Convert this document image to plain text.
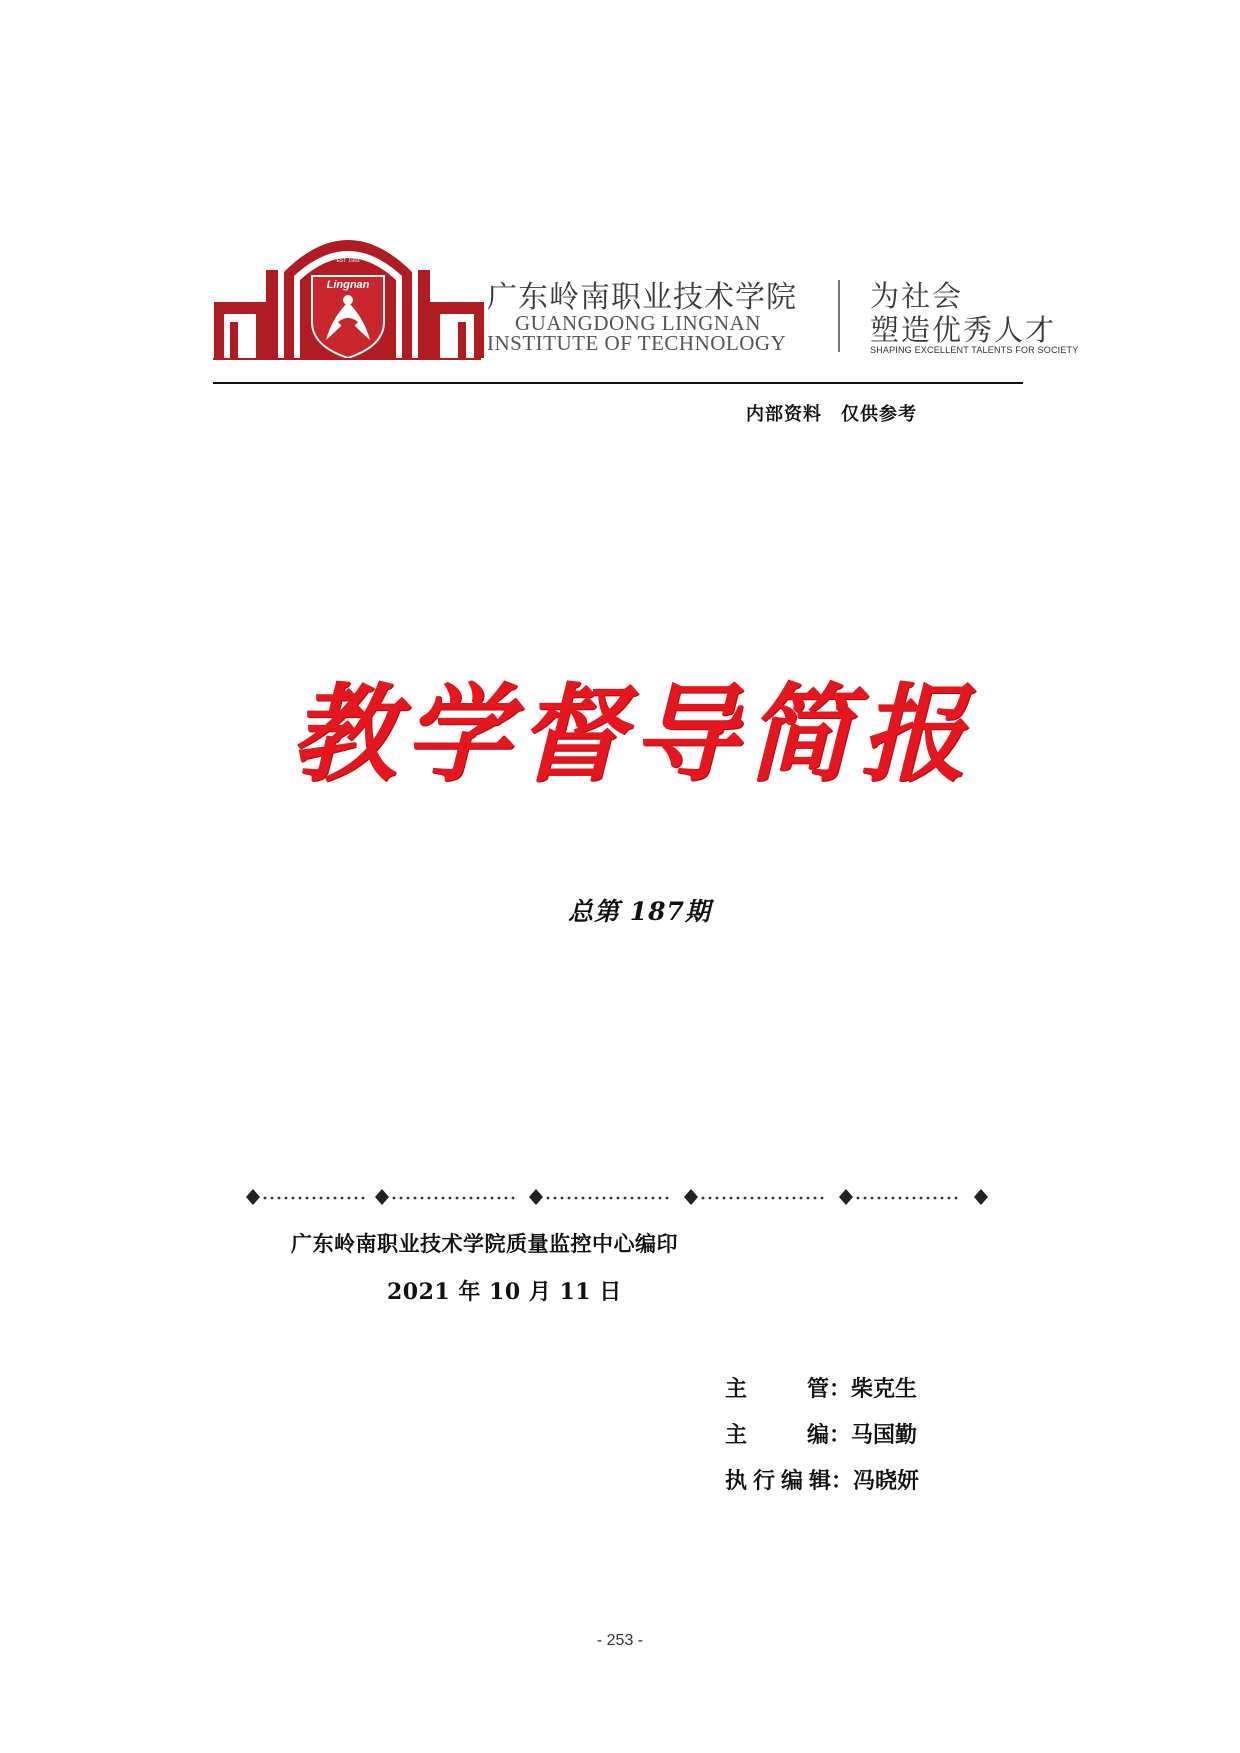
Lingnan
EST. 1993
广东岭南职业技术学院
GUANGDONG LINGNAN
INSTITUTE OF TECHNOLOGY
为社会
塑造优秀人才
SHAPING EXCELLENT TALENTS FOR SOCIETY
内部资料　仅供参考
教学督导简报
总第 187期
广东岭南职业技术学院质量监控中心编印
2021 年 10 月 11 日
主　管：柴克生
主　编：马国勤
执行编辑：冯晓妍
- 253 -
